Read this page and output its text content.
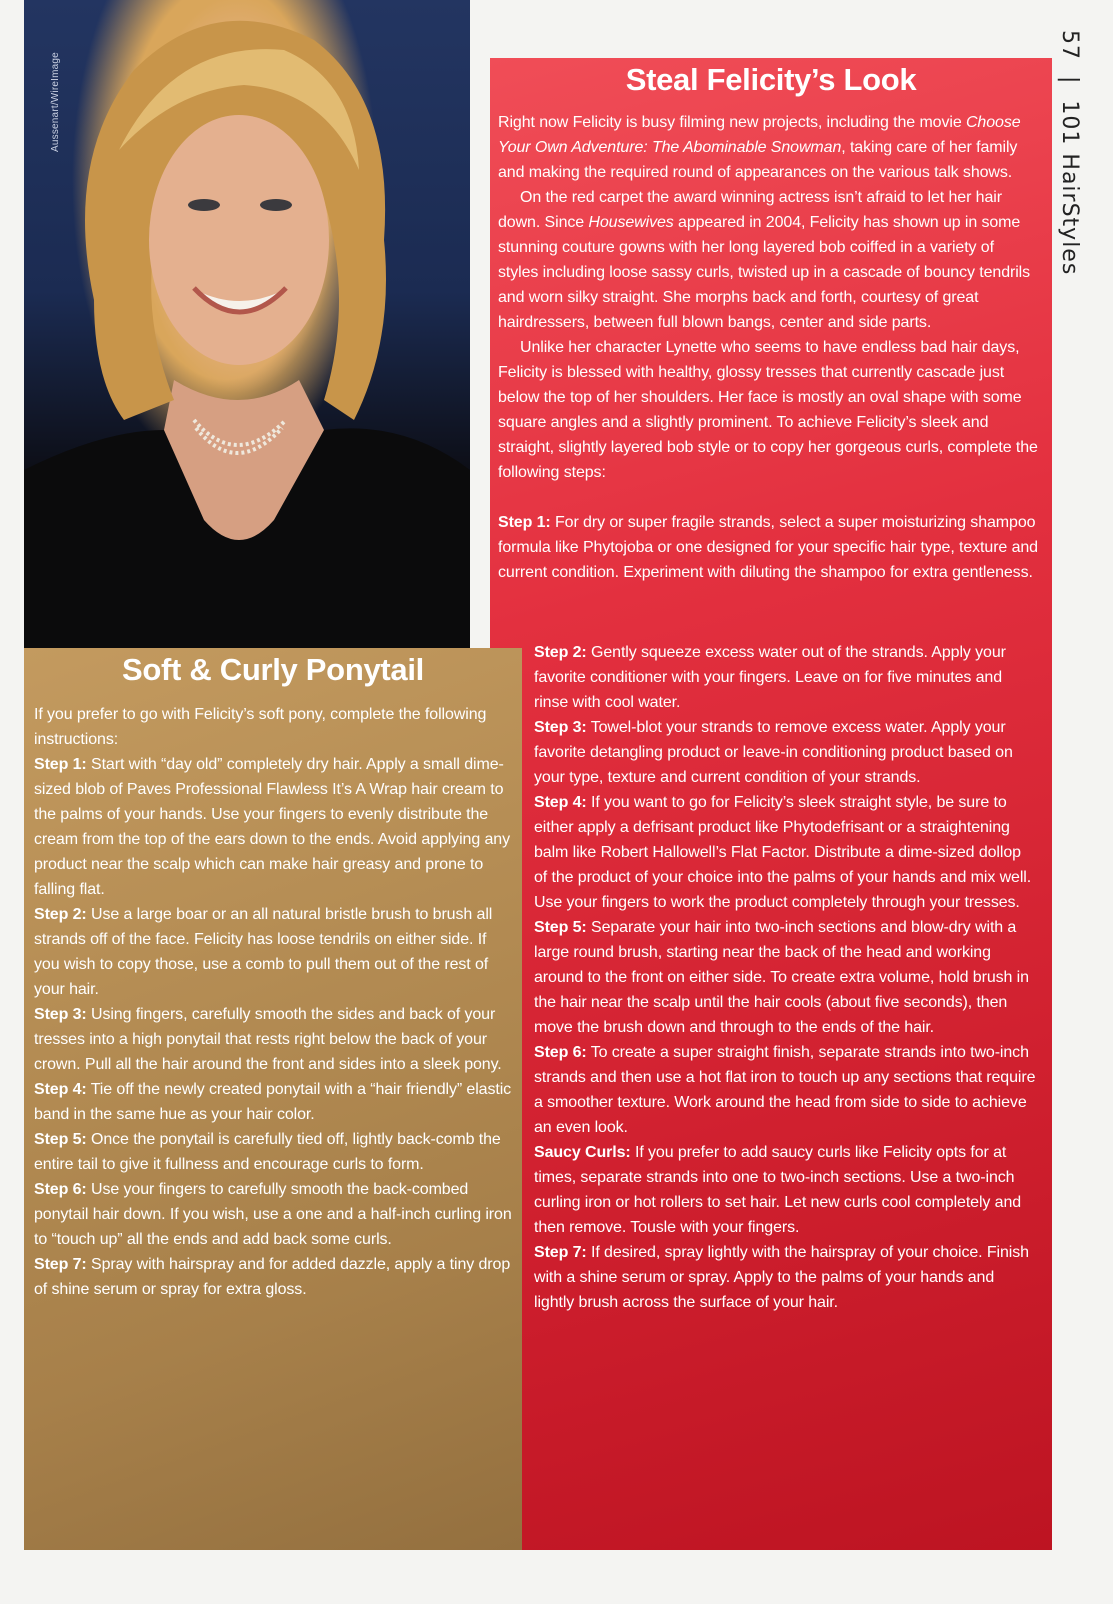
Aussenart/WireImage
57 | 101 HairStyles
Steal Felicity’s Look

Right now Felicity is busy filming new projects, including the movie Choose Your Own Adventure: The Abominable Snowman, taking care of her family and making the required round of appearances on the various talk shows.

On the red carpet the award winning actress isn’t afraid to let her hair down. Since Housewives appeared in 2004, Felicity has shown up in some stunning couture gowns with her long layered bob coiffed in a variety of styles including loose sassy curls, twisted up in a cascade of bouncy tendrils and worn silky straight. She morphs back and forth, courtesy of great hairdressers, between full blown bangs, center and side parts.

Unlike her character Lynette who seems to have endless bad hair days, Felicity is blessed with healthy, glossy tresses that currently cascade just below the top of her shoulders. Her face is mostly an oval shape with some square angles and a slightly prominent. To achieve Felicity’s sleek and straight, slightly layered bob style or to copy her gorgeous curls, complete the following steps:

Step 1: For dry or super fragile strands, select a super moisturizing shampoo formula like Phytojoba or one designed for your specific hair type, texture and current condition. Experiment with diluting the shampoo for extra gentleness.

Step 2: Gently squeeze excess water out of the strands. Apply your favorite conditioner with your fingers. Leave on for five minutes and rinse with cool water.

Step 3: Towel-blot your strands to remove excess water. Apply your favorite detangling product or leave-in conditioning product based on your type, texture and current condition of your strands.

Step 4: If you want to go for Felicity’s sleek straight style, be sure to either apply a defrisant product like Phytodefrisant or a straightening balm like Robert Hallowell’s Flat Factor. Distribute a dime-sized dollop of the product of your choice into the palms of your hands and mix well. Use your fingers to work the product completely through your tresses.

Step 5: Separate your hair into two-inch sections and blow-dry with a large round brush, starting near the back of the head and working around to the front on either side. To create extra volume, hold brush in the hair near the scalp until the hair cools (about five seconds), then move the brush down and through to the ends of the hair.

Step 6: To create a super straight finish, separate strands into two-inch strands and then use a hot flat iron to touch up any sections that require a smoother texture. Work around the head from side to side to achieve an even look.

Saucy Curls: If you prefer to add saucy curls like Felicity opts for at times, separate strands into one to two-inch sections. Use a two-inch curling iron or hot rollers to set hair. Let new curls cool completely and then remove. Tousle with your fingers.

Step 7: If desired, spray lightly with the hairspray of your choice. Finish with a shine serum or spray. Apply to the palms of your hands and lightly brush across the surface of your hair.

Soft & Curly Ponytail

If you prefer to go with Felicity’s soft pony, complete the following instructions:

Step 1: Start with “day old” completely dry hair. Apply a small dime-sized blob of Paves Professional Flawless It’s A Wrap hair cream to the palms of your hands. Use your fingers to evenly distribute the cream from the top of the ears down to the ends. Avoid applying any product near the scalp which can make hair greasy and prone to falling flat.

Step 2: Use a large boar or an all natural bristle brush to brush all strands off of the face. Felicity has loose tendrils on either side. If you wish to copy those, use a comb to pull them out of the rest of your hair.

Step 3: Using fingers, carefully smooth the sides and back of your tresses into a high ponytail that rests right below the back of your crown. Pull all the hair around the front and sides into a sleek pony.

Step 4: Tie off the newly created ponytail with a “hair friendly” elastic band in the same hue as your hair color.

Step 5: Once the ponytail is carefully tied off, lightly back-comb the entire tail to give it fullness and encourage curls to form.

Step 6: Use your fingers to carefully smooth the back-combed ponytail hair down. If you wish, use a one and a half-inch curling iron to “touch up” all the ends and add back some curls.

Step 7: Spray with hairspray and for added dazzle, apply a tiny drop of shine serum or spray for extra gloss.
